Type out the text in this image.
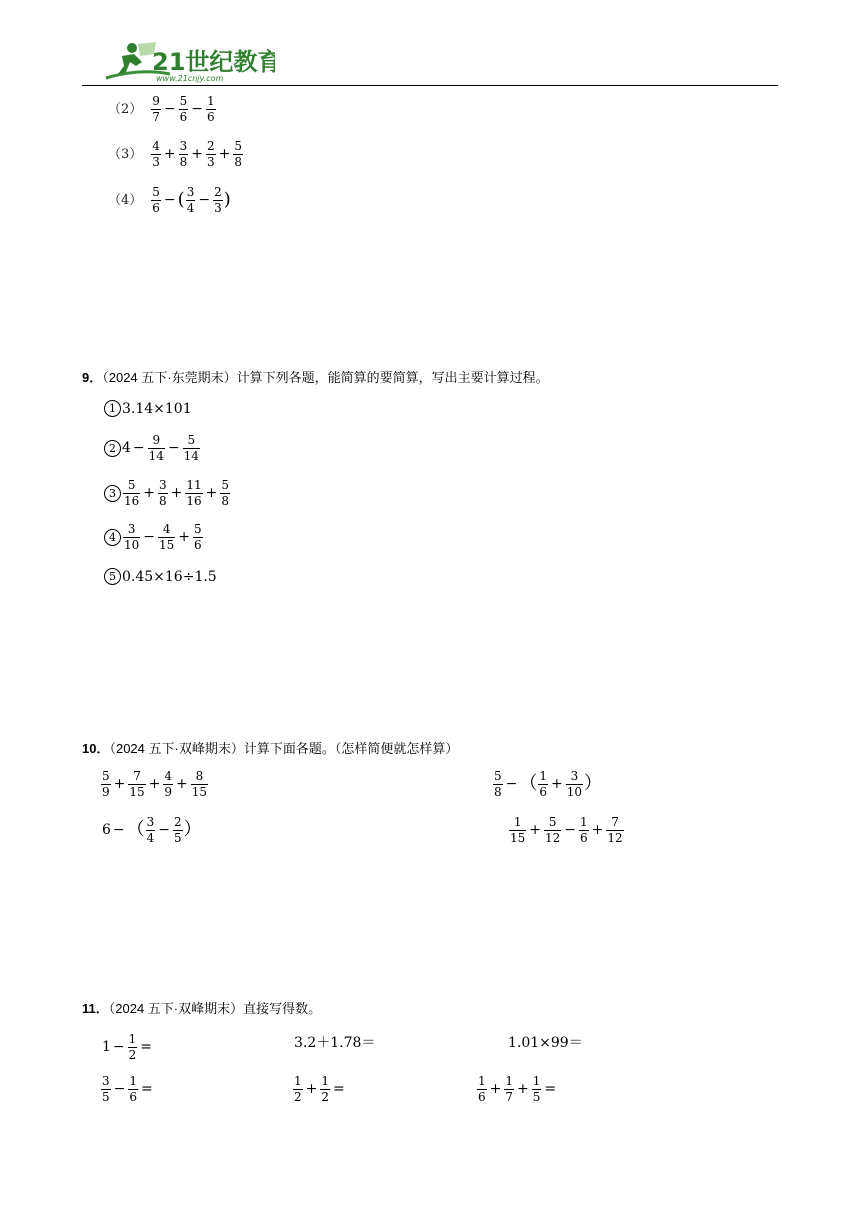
21世纪教育
www.21cnjy.com
$(2) \frac{9}{7} - \frac{5}{6} - \frac{1}{6}$
$(3) \frac{4}{3} + \frac{3}{8} + \frac{2}{3} + \frac{5}{8}$
$(4) \frac{5}{6}$ − ( $\frac{3}{4} - \frac{2}{3}$ )
9．（2024 五下·东莞期末）计算下列各题，能简算的要简算，写出主要计算过程。
1 3.14×101
2 $4 - \frac{9}{14} - \frac{5}{14}$
$3 \frac{5}{16} + \frac{3}{8} + \frac{11}{16} + \frac{5}{8}$
$4 \frac{3}{10} - \frac{4}{15} + \frac{5}{6}$
5 0.45×16÷1.5
10．（2024 五下·双峰期末）计算下面各题。（怎样简便就怎样算）
$\frac{5}{9} + \frac{7}{15} + \frac{4}{9} + \frac{8}{15}$	$\frac{5}{8}$ − （ $\frac{1}{6} + \frac{3}{10}$ ）
6 − （ $\frac{3}{4} - \frac{2}{5}$ ）	$\frac{1}{15} + \frac{5}{12} - \frac{1}{6} + \frac{7}{12}$
11．（2024 五下·双峰期末）直接写得数。
$1 - \frac{1}{2}$ =	3.2＋1.78＝	1.01×99＝
$\frac{3}{5} - \frac{1}{6}$ =	$\frac{1}{2} + \frac{1}{2}$ =	$\frac{1}{6} + \frac{1}{7} + \frac{1}{5}$ =
